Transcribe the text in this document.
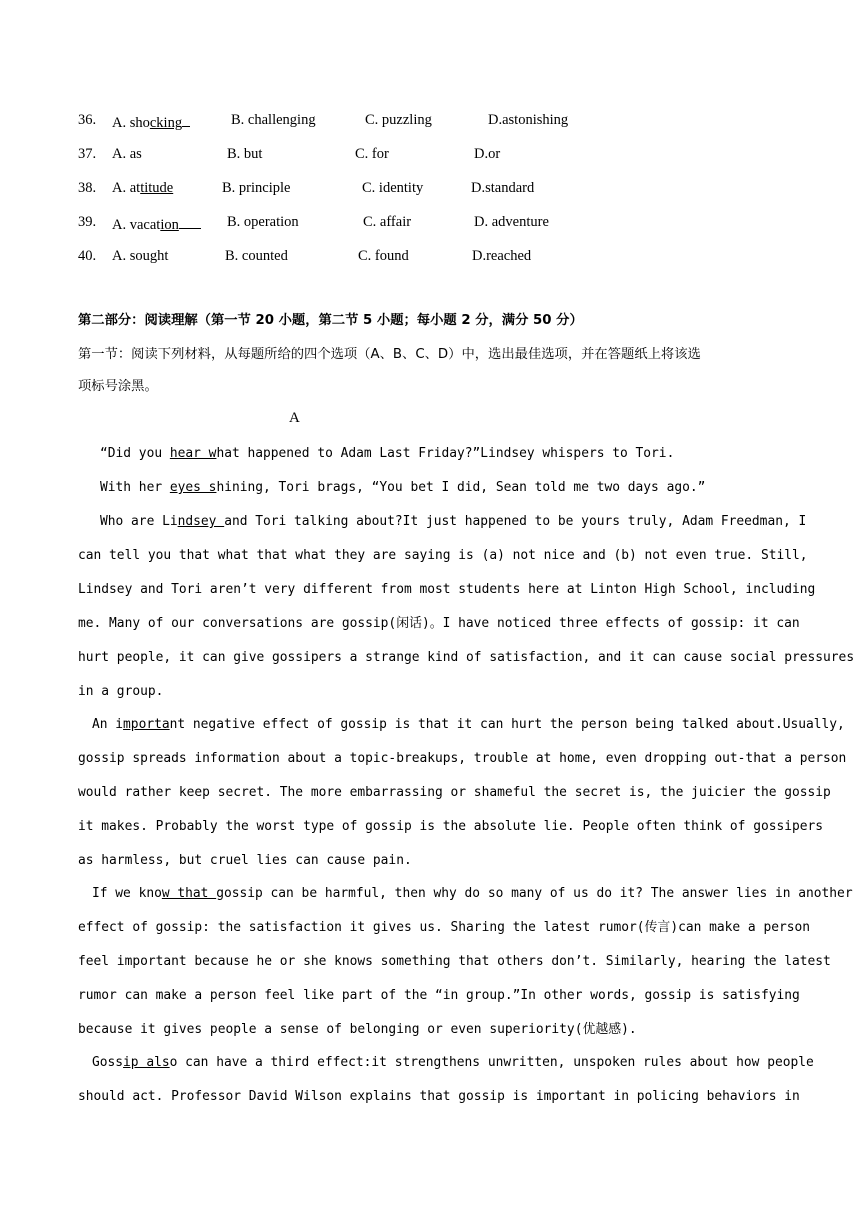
36. A. shocking	B. challenging	C. puzzling	D.astonishing
37. A. as	B. but	C. for	D.or
38. A. attitude	B. principle	C. identity	D.standard
39. A. vacation	B. operation	C. affair	D. adventure
40. A. sought	B. counted	C. found	D.reached
第二部分：阅读理解（第一节 20 小题，第二节 5 小题；每小题 2 分，满分 50 分）
第一节：阅读下列材料，从每题所给的四个选项（A、B、C、D）中，选出最佳选项，并在答题纸上将该选
项标号涂黑。
A
“Did you hear what happened to Adam Last Friday?”Lindsey whispers to Tori.
With her eyes shining, Tori brags, “You bet I did, Sean told me two days ago.”
Who are Lindsey and Tori talking about?It just happened to be yours truly, Adam Freedman, I
can tell you that what that what they are saying is (a) not nice and (b) not even true. Still,
Lindsey and Tori aren’t very different from most students here at Linton High School, including
me. Many of our conversations are gossip(闲话)。I have noticed three effects of gossip: it can
hurt people, it can give gossipers a strange kind of satisfaction, and it can cause social pressures
in a group.
An important negative effect of gossip is that it can hurt the person being talked about.Usually,
gossip spreads information about a topic-breakups, trouble at home, even dropping out-that a person
would rather keep secret. The more embarrassing or shameful the secret is, the juicier the gossip
it makes. Probably the worst type of gossip is the absolute lie. People often think of gossipers
as harmless, but cruel lies can cause pain.
If we know that gossip can be harmful, then why do so many of us do it? The answer lies in another
effect of gossip: the satisfaction it gives us. Sharing the latest rumor(传言)can make a person
feel important because he or she knows something that others don’t. Similarly, hearing the latest
rumor can make a person feel like part of the “in group.”In other words, gossip is satisfying
because it gives people a sense of belonging or even superiority(优越感).
Gossip also can have a third effect:it strengthens unwritten, unspoken rules about how people
should act. Professor David Wilson explains that gossip is important in policing behaviors in
